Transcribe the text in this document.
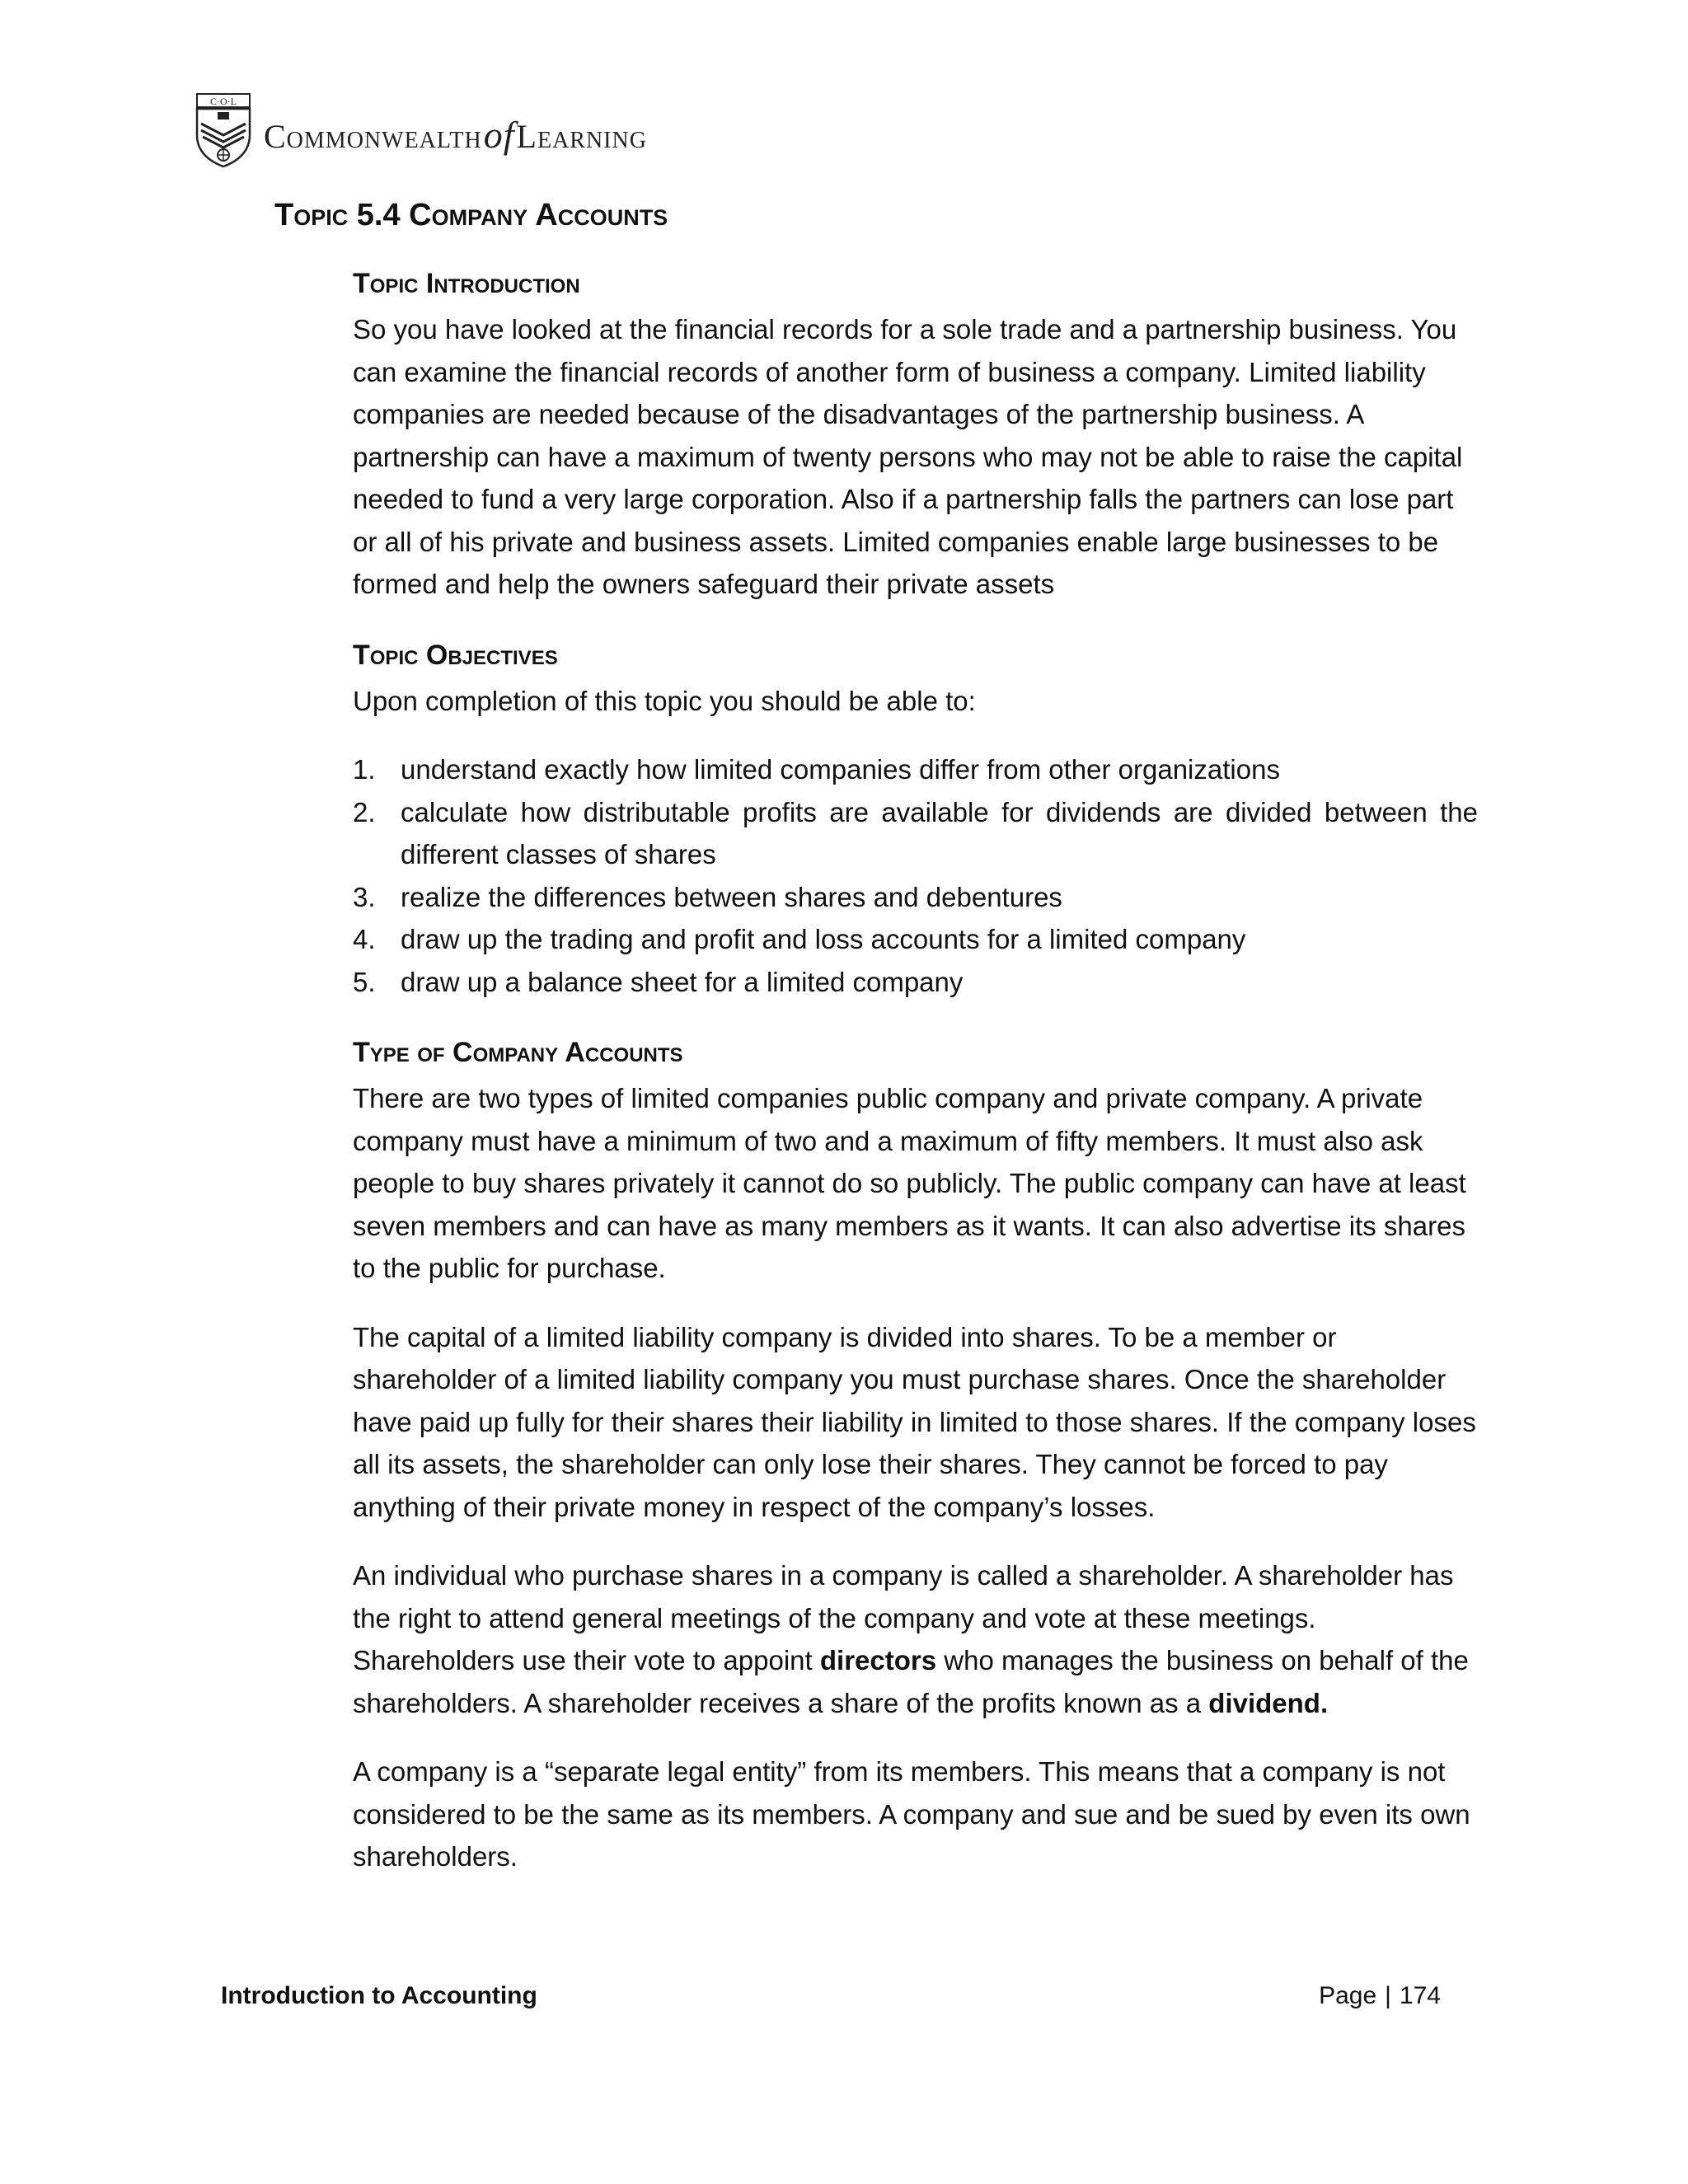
C·O·L
CommonwealthofLearning
Topic 5.4 Company Accounts
Topic Introduction

So you have looked at the financial records for a sole trade and a partnership business. You can examine the financial records of another form of business a company. Limited liability companies are needed because of the disadvantages of the partnership business. A partnership can have a maximum of twenty persons who may not be able to raise the capital needed to fund a very large corporation. Also if a partnership falls the partners can lose part or all of his private and business assets. Limited companies enable large businesses to be formed and help the owners safeguard their private assets

Topic Objectives

Upon completion of this topic you should be able to:

1. understand exactly how limited companies differ from other organizations
2. calculate how distributable profits are available for dividends are divided between the different classes of shares
3. realize the differences between shares and debentures
4. draw up the trading and profit and loss accounts for a limited company
5. draw up a balance sheet for a limited company
Type of Company Accounts

There are two types of limited companies public company and private company. A private company must have a minimum of two and a maximum of fifty members. It must also ask people to buy shares privately it cannot do so publicly. The public company can have at least seven members and can have as many members as it wants. It can also advertise its shares to the public for purchase.

The capital of a limited liability company is divided into shares. To be a member or shareholder of a limited liability company you must purchase shares. Once the shareholder have paid up fully for their shares their liability in limited to those shares. If the company loses all its assets, the shareholder can only lose their shares. They cannot be forced to pay anything of their private money in respect of the company’s losses.

An individual who purchase shares in a company is called a shareholder. A shareholder has the right to attend general meetings of the company and vote at these meetings. Shareholders use their vote to appoint directors who manages the business on behalf of the shareholders. A shareholder receives a share of the profits known as a dividend.

A company is a “separate legal entity” from its members. This means that a company is not considered to be the same as its members. A company and sue and be sued by even its own shareholders.

Introduction to Accounting	Page | 174
